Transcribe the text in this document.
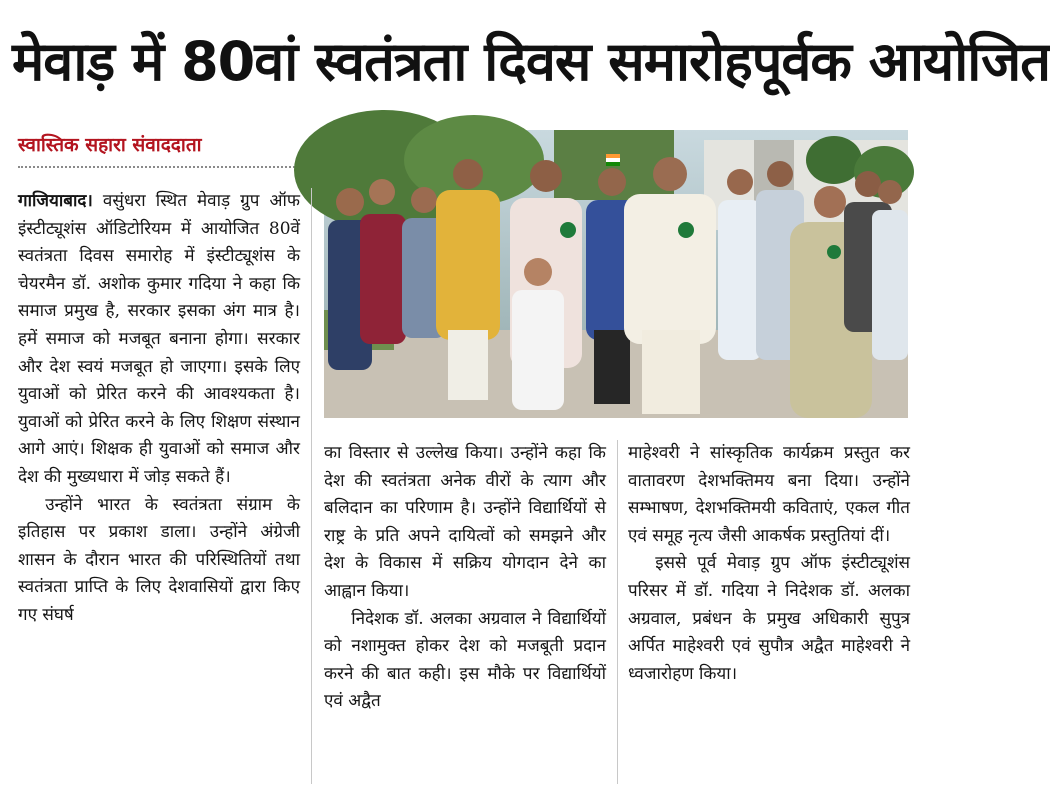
मेवाड़ में 80वां स्वतंत्रता दिवस समारोहपूर्वक आयोजित
स्वास्तिक सहारा संवाददाता

गाजियाबाद। वसुंधरा स्थित मेवाड़ ग्रुप ऑफ इंस्टीट्यूशंस ऑडिटोरियम में आयोजित 80वें स्वतंत्रता दिवस समारोह में इंस्टीट्यूशंस के चेयरमैन डॉ. अशोक कुमार गदिया ने कहा कि समाज प्रमुख है, सरकार इसका अंग मात्र है। हमें समाज को मजबूत बनाना होगा। सरकार और देश स्वयं मजबूत हो जाएगा। इसके लिए युवाओं को प्रेरित करने की आवश्यकता है। युवाओं को प्रेरित करने के लिए शिक्षण संस्थान आगे आएं। शिक्षक ही युवाओं को समाज और देश की मुख्यधारा में जोड़ सकते हैं।

उन्होंने भारत के स्वतंत्रता संग्राम के इतिहास पर प्रकाश डाला। उन्होंने अंग्रेजी शासन के दौरान भारत की परिस्थितियों तथा स्वतंत्रता प्राप्ति के लिए देशवासियों द्वारा किए गए संघर्ष

का विस्तार से उल्लेख किया। उन्होंने कहा कि देश की स्वतंत्रता अनेक वीरों के त्याग और बलिदान का परिणाम है। उन्होंने विद्यार्थियों से राष्ट्र के प्रति अपने दायित्वों को समझने और देश के विकास में सक्रिय योगदान देने का आह्वान किया।

निदेशक डॉ. अलका अग्रवाल ने विद्यार्थियों को नशामुक्त होकर देश को मजबूती प्रदान करने की बात कही। इस मौके पर विद्यार्थियों एवं अद्वैत

माहेश्वरी ने सांस्कृतिक कार्यक्रम प्रस्तुत कर वातावरण देशभक्तिमय बना दिया। उन्होंने सम्भाषण, देशभक्तिमयी कविताएं, एकल गीत एवं समूह नृत्य जैसी आकर्षक प्रस्तुतियां दीं।

इससे पूर्व मेवाड़ ग्रुप ऑफ इंस्टीट्यूशंस परिसर में डॉ. गदिया ने निदेशक डॉ. अलका अग्रवाल, प्रबंधन के प्रमुख अधिकारी सुपुत्र अर्पित माहेश्वरी एवं सुपौत्र अद्वैत माहेश्वरी ने ध्वजारोहण किया।
